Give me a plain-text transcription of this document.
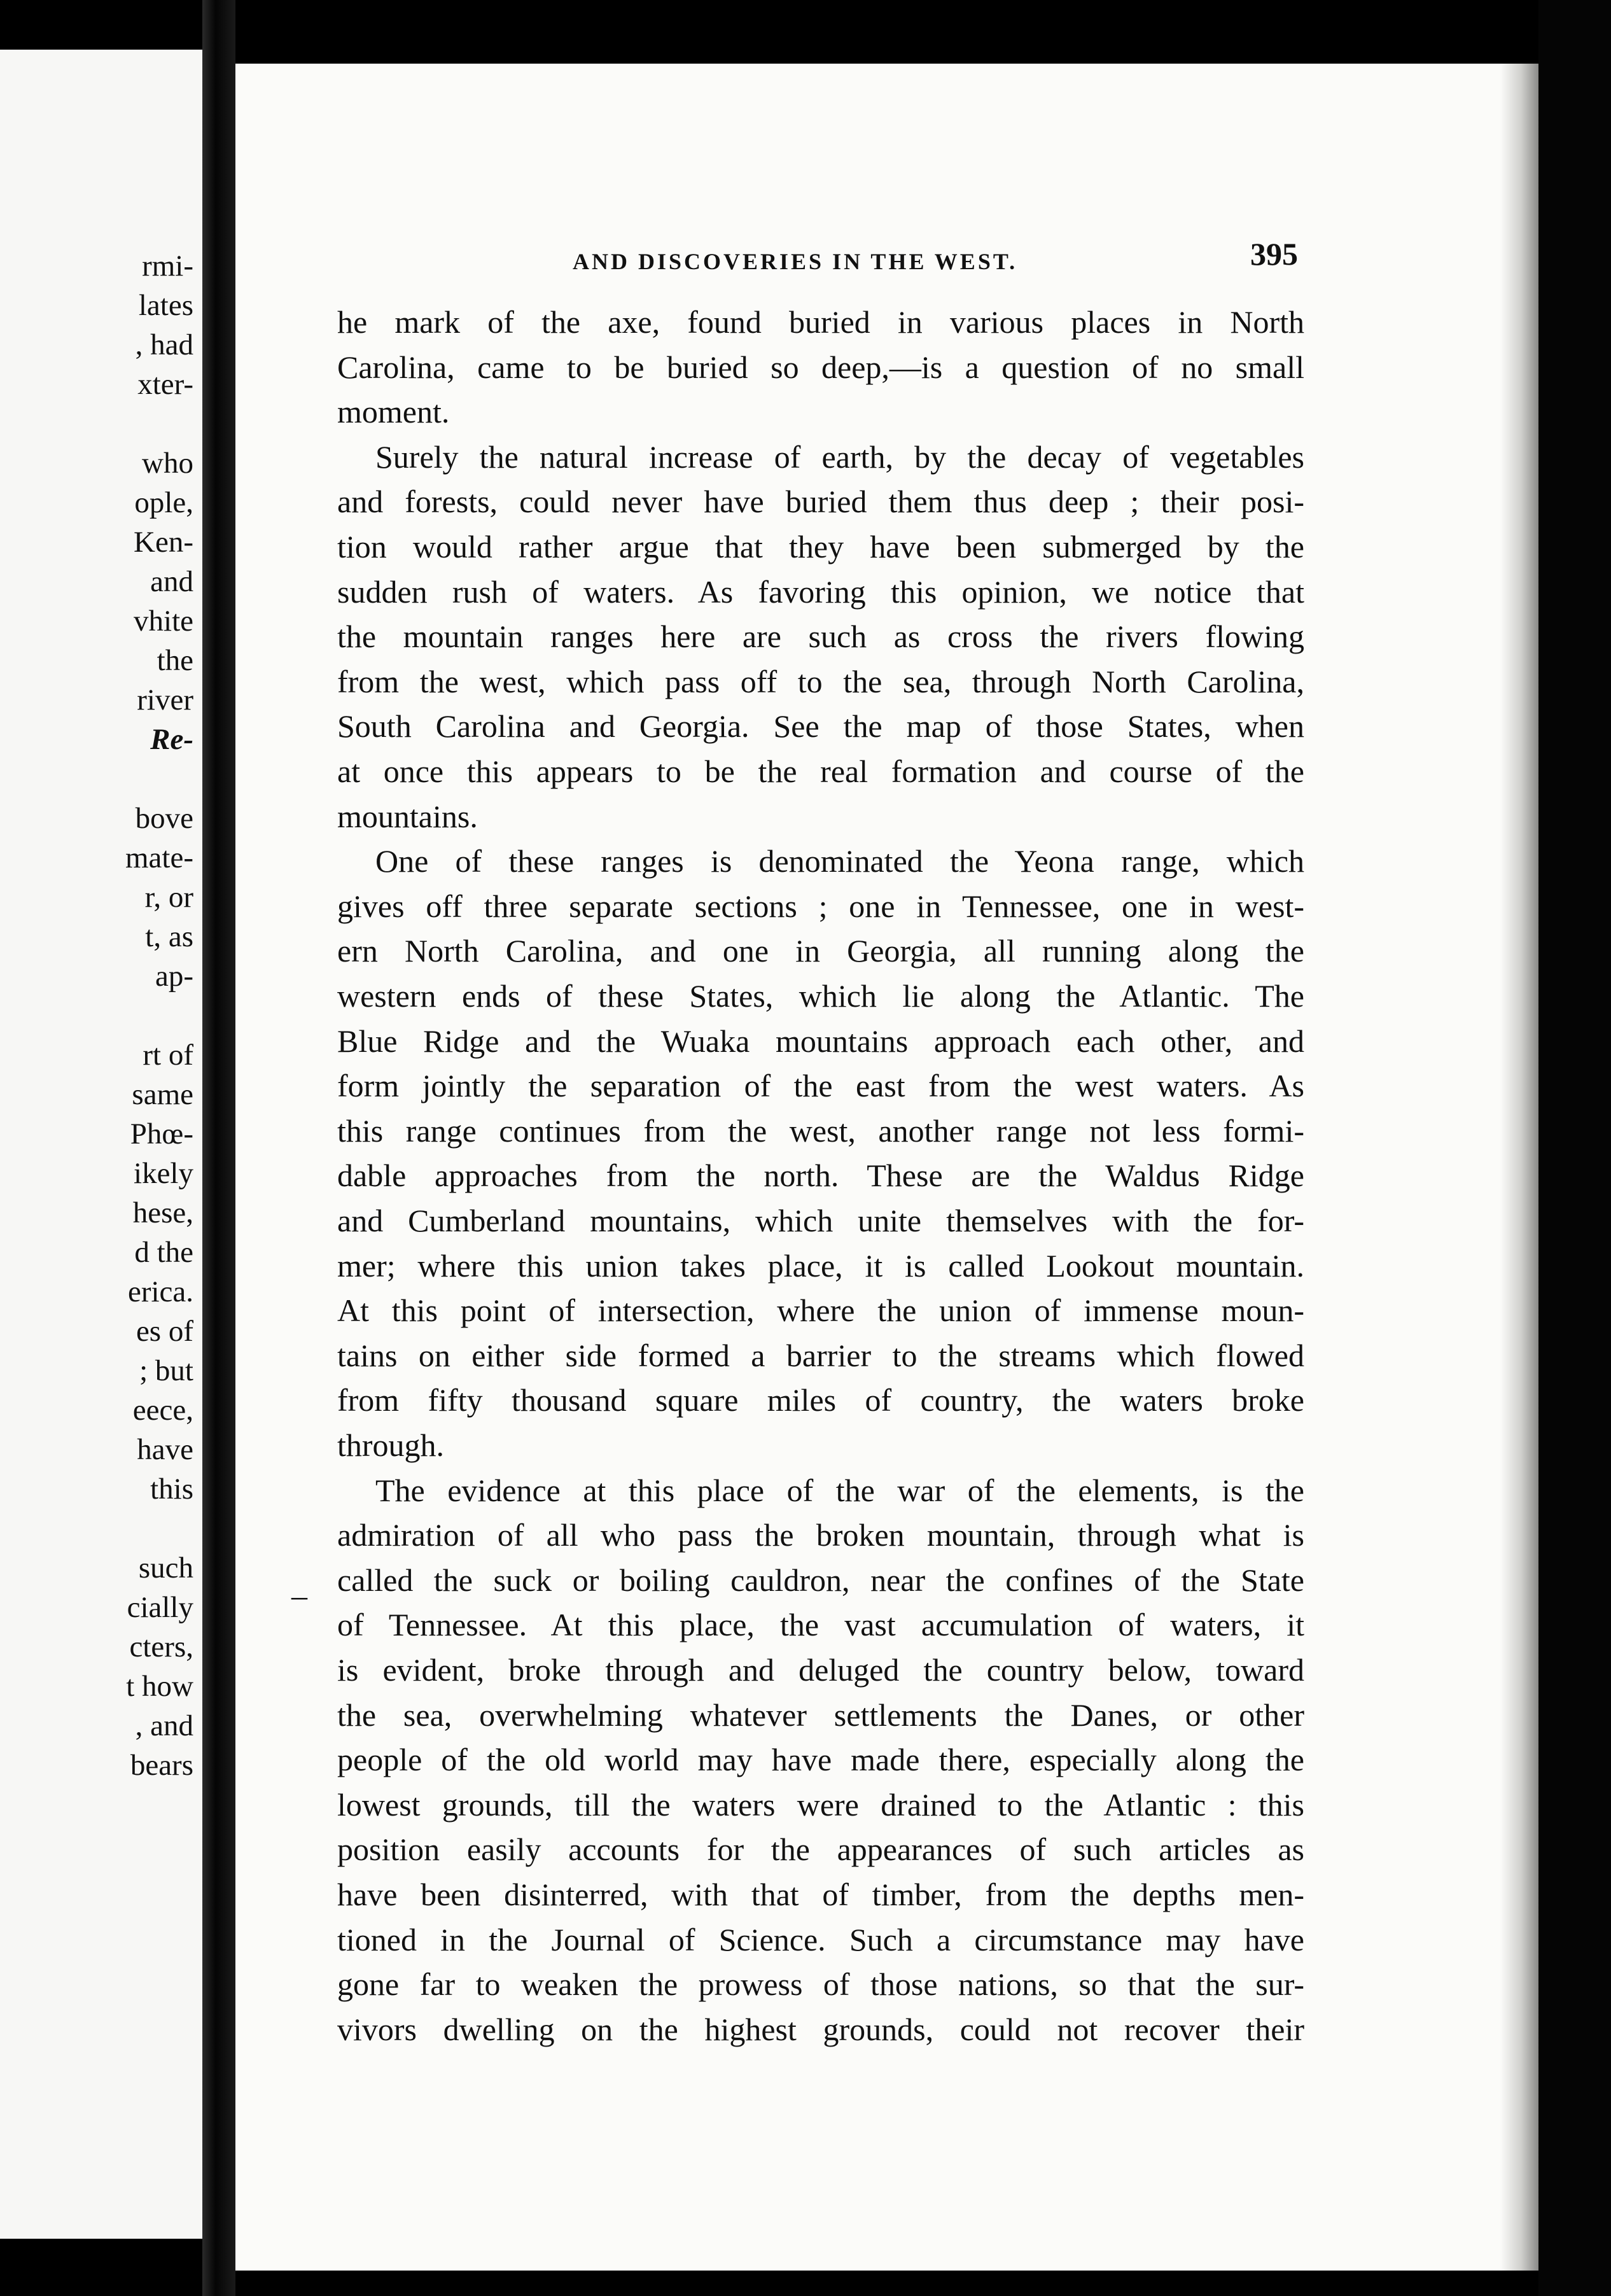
rmi-
lates
, had
xter-
who
ople,
Ken-
and
vhite
the
river
Re-
bove
mate-
r, or
t, as
ap-
rt of
same
Phœ-
ikely
hese,
d the
erica.
es of
; but
eece,
have
this
such
cially
cters,
t how
, and
bears
AND DISCOVERIES IN THE WEST.	395
–
he mark of the axe, found buried in various places in North
Carolina, came to be buried so deep,—is a question of no small
moment.
Surely the natural increase of earth, by the decay of vegetables
and forests, could never have buried them thus deep ; their posi-
tion would rather argue that they have been submerged by the
sudden rush of waters. As favoring this opinion, we notice that
the mountain ranges here are such as cross the rivers flowing
from the west, which pass off to the sea, through North Carolina,
South Carolina and Georgia. See the map of those States, when
at once this appears to be the real formation and course of the
mountains.
One of these ranges is denominated the Yeona range, which
gives off three separate sections ; one in Tennessee, one in west-
ern North Carolina, and one in Georgia, all running along the
western ends of these States, which lie along the Atlantic. The
Blue Ridge and the Wuaka mountains approach each other, and
form jointly the separation of the east from the west waters. As
this range continues from the west, another range not less formi-
dable approaches from the north. These are the Waldus Ridge
and Cumberland mountains, which unite themselves with the for-
mer; where this union takes place, it is called Lookout mountain.
At this point of intersection, where the union of immense moun-
tains on either side formed a barrier to the streams which flowed
from fifty thousand square miles of country, the waters broke
through.
The evidence at this place of the war of the elements, is the
admiration of all who pass the broken mountain, through what is
called the suck or boiling cauldron, near the confines of the State
of Tennessee. At this place, the vast accumulation of waters, it
is evident, broke through and deluged the country below, toward
the sea, overwhelming whatever settlements the Danes, or other
people of the old world may have made there, especially along the
lowest grounds, till the waters were drained to the Atlantic : this
position easily accounts for the appearances of such articles as
have been disinterred, with that of timber, from the depths men-
tioned in the Journal of Science. Such a circumstance may have
gone far to weaken the prowess of those nations, so that the sur-
vivors dwelling on the highest grounds, could not recover their
